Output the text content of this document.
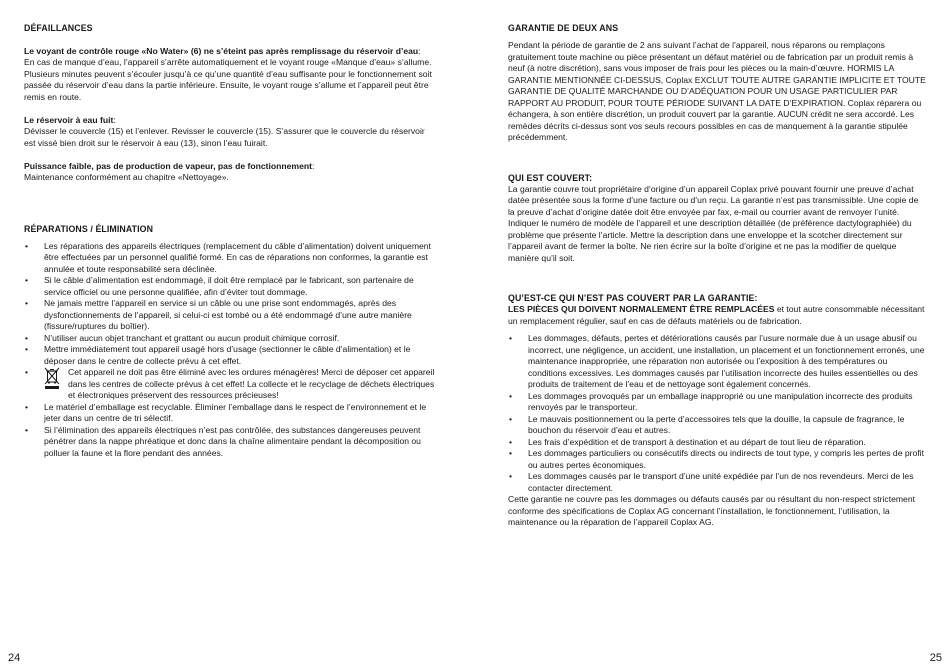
DÉFAILLANCES

Le voyant de contrôle rouge «No Water» (6) ne s’éteint pas après remplissage du réservoir d’eau:

En cas de manque d’eau, l’appareil s’arrête automatiquement et le voyant rouge «Manque d’eau» s’allume. Plusieurs minutes peuvent s’écouler jusqu’à ce qu’une quantité d’eau suffisante pour le fonctionnement soit passée du réservoir d’eau dans la partie inférieure. Ensuite, le voyant rouge s’allume et l’appareil peut être remis en route.

Le réservoir à eau fuit:

Dévisser le couvercle (15) et l’enlever. Revisser le couvercle (15). S’assurer que le couvercle du réservoir est vissé bien droit sur le réservoir à eau (13), sinon l’eau fuirait.

Puissance faible, pas de production de vapeur, pas de fonctionnement:

Maintenance conformément au chapitre «Nettoyage».

RÉPARATIONS / ÉLIMINATION
• Les réparations des appareils électriques (remplacement du câble d’alimentation) doivent uniquement être effectuées par un personnel qualifié formé. En cas de réparations non conformes, la garantie est annulée et toute responsabilité sera déclinée.
• Si le câble d’alimentation est endommagé, il doit être remplacé par le fabricant, son partenaire de service officiel ou une personne qualifiée, afin d’éviter tout dommage.
• Ne jamais mettre l’appareil en service si un câble ou une prise sont endommagés, après des dysfonctionnements de l’appareil, si celui-ci est tombé ou a été endommagé d’une autre manière (fissure/ruptures du boîtier).
• N’utiliser aucun objet tranchant et grattant ou aucun produit chimique corrosif.
• Mettre immédiatement tout appareil usagé hors d’usage (sectionner le câble d’alimentation) et le déposer dans le centre de collecte prévu à cet effet.
• Cet appareil ne doit pas être éliminé avec les ordures ménagères! Merci de déposer cet appareil dans les centres de collecte prévus à cet effet! La collecte et le recyclage de déchets électriques et électroniques préservent des ressources précieuses!
• Le matériel d’emballage est recyclable. Éliminer l’emballage dans le respect de l’environnement et le jeter dans un centre de tri sélectif.
• Si l’élimination des appareils électriques n’est pas contrôlée, des substances dangereuses peuvent pénétrer dans la nappe phréatique et donc dans la chaîne alimentaire pendant la décomposition ou polluer la faune et la flore pendant des années.
GARANTIE DE DEUX ANS

Pendant la période de garantie de 2 ans suivant l’achat de l’appareil, nous réparons ou remplaçons gratuitement toute machine ou pièce présentant un défaut matériel ou de fabrication par un produit remis à neuf (à notre discrétion), sans vous imposer de frais pour les pièces ou la main-d’œuvre. HORMIS LA GARANTIE MENTIONNÉE CI-DESSUS, Coplax EXCLUT TOUTE AUTRE GARANTIE IMPLICITE ET TOUTE GARANTIE DE QUALITÉ MARCHANDE OU D’ADÉQUATION POUR UN USAGE PARTICULIER PAR RAPPORT AU PRODUIT, POUR TOUTE PÉRIODE SUIVANT LA DATE D’EXPIRATION. Coplax réparera ou échangera, à son entière discrétion, un produit couvert par la garantie. AUCUN crédit ne sera accordé. Les remèdes décrits ci-dessus sont vos seuls recours possibles en cas de manquement à la garantie stipulée précédemment.

QUI EST COUVERT:

La garantie couvre tout propriétaire d’origine d’un appareil Coplax privé pouvant fournir une preuve d’achat datée présentée sous la forme d’une facture ou d’un reçu. La garantie n’est pas transmissible. Une copie de la preuve d’achat d’origine datée doit être envoyée par fax, e-mail ou courrier avant de renvoyer l’unité. Indiquer le numéro de modèle de l’appareil et une description détaillée (de préférence dactylographiée) du problème que présente l’article. Mettre la description dans une enveloppe et la scotcher directement sur l’appareil avant de fermer la boîte. Ne rien écrire sur la boîte d’origine et ne pas la modifier de quelque manière qu’il soit.

QU’EST-CE QUI N’EST PAS COUVERT PAR LA GARANTIE:

LES PIÈCES QUI DOIVENT NORMALEMENT ÊTRE REMPLACÉES et tout autre consommable nécessitant un remplacement régulier, sauf en cas de défauts matériels ou de fabrication.

• Les dommages, défauts, pertes et détériorations causés par l’usure normale due à un usage abusif ou incorrect, une négligence, un accident, une installation, un placement et un fonctionnement erronés, une maintenance inappropriée, une réparation non autorisée ou l’exposition à des températures ou conditions excessives. Les dommages causés par l’utilisation incorrecte des huiles essentielles ou des produits de traitement de l’eau et de nettoyage sont également concernés.
• Les dommages provoqués par un emballage inapproprié ou une manipulation incorrecte des produits renvoyés par le transporteur.
• Le mauvais positionnement ou la perte d’accessoires tels que la douille, la capsule de fragrance, le bouchon du réservoir d’eau et autres.
• Les frais d’expédition et de transport à destination et au départ de tout lieu de réparation.
• Les dommages particuliers ou consécutifs directs ou indirects de tout type, y compris les pertes de profit ou autres pertes économiques.
• Les dommages causés par le transport d’une unité expédiée par l’un de nos revendeurs. Merci de les contacter directement.

Cette garantie ne couvre pas les dommages ou défauts causés par ou résultant du non-respect strictement conforme des spécifications de Coplax AG concernant l’installation, le fonctionnement, l’utilisation, la maintenance ou la réparation de l’appareil Coplax AG.

24	25
